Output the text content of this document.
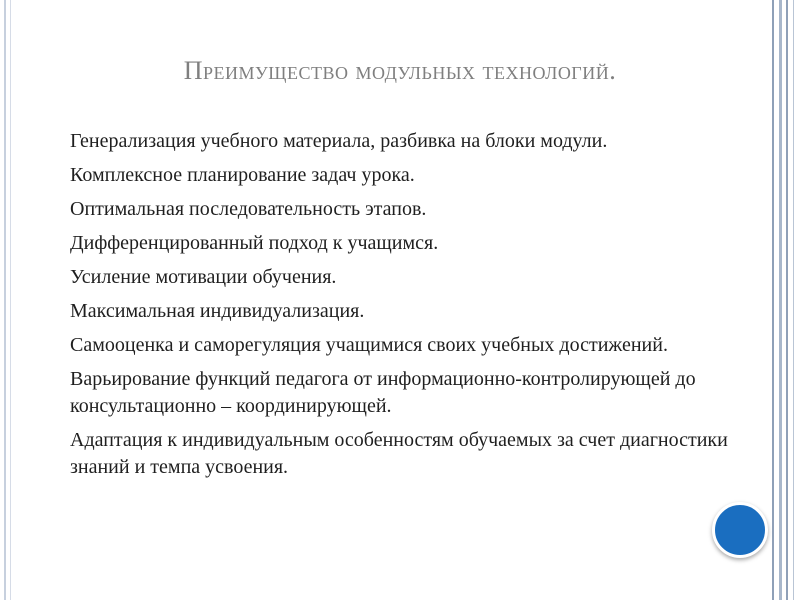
Преимущество модульных технологий.
Генерализация учебного материала, разбивка на блоки модули.
Комплексное планирование задач урока.
Оптимальная последовательность этапов.
Дифференцированный подход к учащимся.
Усиление мотивации обучения.
Максимальная индивидуализация.
Самооценка и саморегуляция учащимися своих учебных достижений.
Варьирование функций педагога от информационно-контролирующей до консультационно – координирующей.
Адаптация к индивидуальным особенностям обучаемых за счет диагностики знаний и темпа усвоения.
